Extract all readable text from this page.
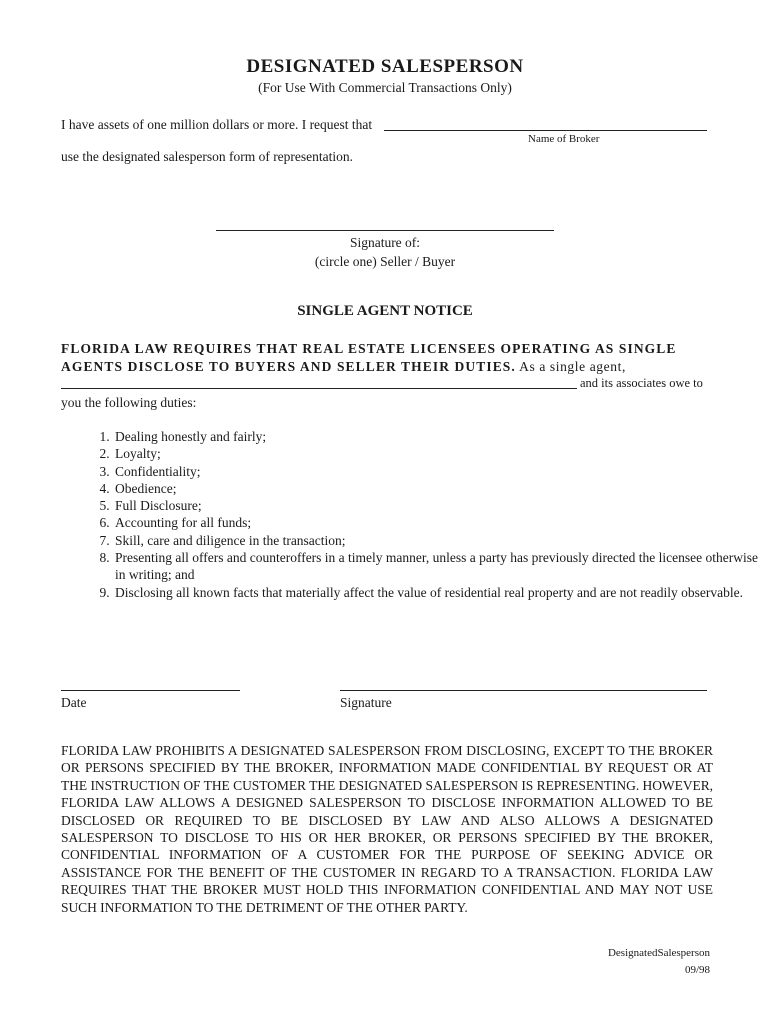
DESIGNATED SALESPERSON
(For Use With Commercial Transactions Only)
I have assets of one million dollars or more. I request that
Name of Broker
use the designated salesperson form of representation.
Signature of:
(circle one) Seller / Buyer
SINGLE AGENT NOTICE
FLORIDA LAW REQUIRES THAT REAL ESTATE LICENSEES OPERATING AS SINGLE AGENTS DISCLOSE TO BUYERS AND SELLER THEIR DUTIES. As a single agent,
and its associates owe to
you the following duties:
1. Dealing honestly and fairly;
2. Loyalty;
3. Confidentiality;
4. Obedience;
5. Full Disclosure;
6. Accounting for all funds;
7. Skill, care and diligence in the transaction;
8. Presenting all offers and counteroffers in a timely manner, unless a party has previously directed the licensee otherwise in writing; and
9. Disclosing all known facts that materially affect the value of residential real property and are not readily observable.
Date	Signature
FLORIDA LAW PROHIBITS A DESIGNATED SALESPERSON FROM DISCLOSING, EXCEPT TO THE BROKER OR PERSONS SPECIFIED BY THE BROKER, INFORMATION MADE CONFIDENTIAL BY REQUEST OR AT THE INSTRUCTION OF THE CUSTOMER THE DESIGNATED SALESPERSON IS REPRESENTING. HOWEVER, FLORIDA LAW ALLOWS A DESIGNED SALESPERSON TO DISCLOSE INFORMATION ALLOWED TO BE DISCLOSED OR REQUIRED TO BE DISCLOSED BY LAW AND ALSO ALLOWS A DESIGNATED SALESPERSON TO DISCLOSE TO HIS OR HER BROKER, OR PERSONS SPECIFIED BY THE BROKER, CONFIDENTIAL INFORMATION OF A CUSTOMER FOR THE PURPOSE OF SEEKING ADVICE OR ASSISTANCE FOR THE BENEFIT OF THE CUSTOMER IN REGARD TO A TRANSACTION. FLORIDA LAW REQUIRES THAT THE BROKER MUST HOLD THIS INFORMATION CONFIDENTIAL AND MAY NOT USE SUCH INFORMATION TO THE DETRIMENT OF THE OTHER PARTY.
DesignatedSalesperson
09/98
